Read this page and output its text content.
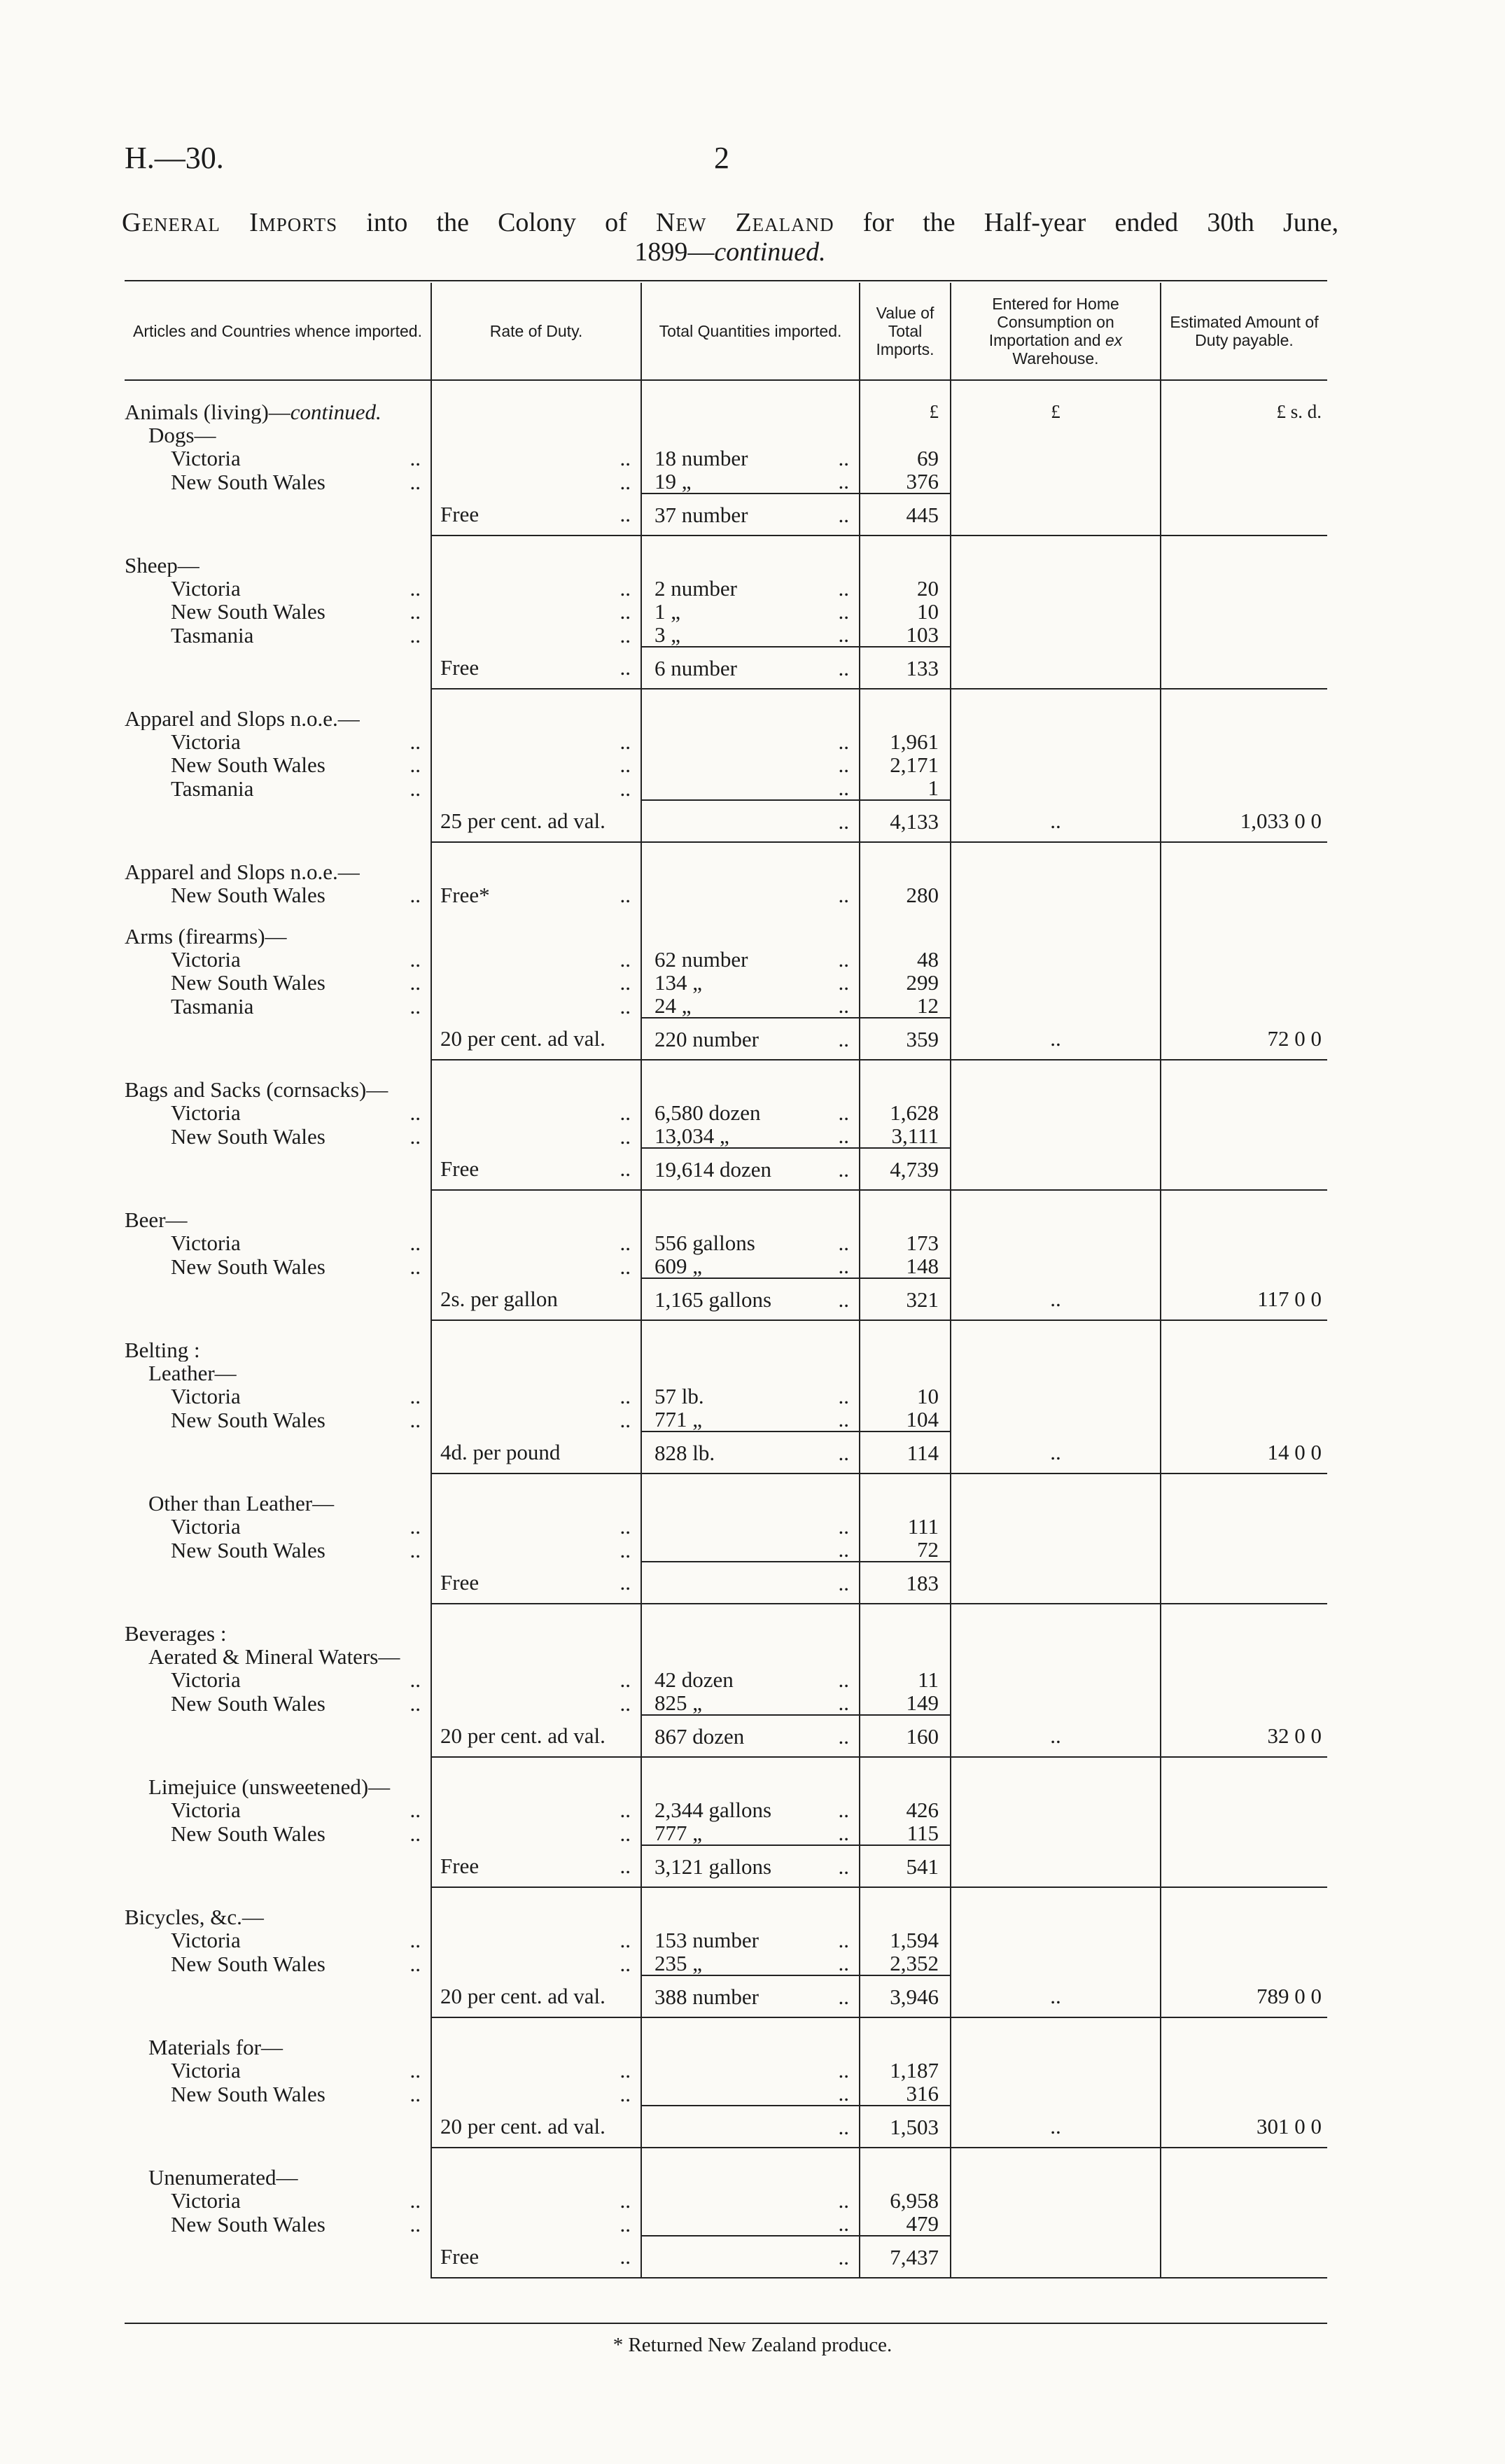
H.—30.	2
General Imports into the Colony of New Zealand for the Half-year ended 30th June,
1899—continued.
Articles and Countries whence imported.	Rate of Duty.	Total Quantities imported.	Value of Total Imports.	Entered for Home Consumption on Importation and ex Warehouse.	Estimated Amount of Duty payable.
Animals (living)—continued.			£	£	£ s. d.
Dogs—					
Victoria ..	..	18 number ..	69		
New South Wales ..	..	19 „ ..	376		
	Free ..	37 number ..	445		
Sheep—					
Victoria ..	..	2 number ..	20		
New South Wales ..	..	1 „ ..	10		
Tasmania ..	..	3 „ ..	103		
	Free ..	6 number ..	133		
Apparel and Slops n.o.e.—					
Victoria ..	..	..	1,961		
New South Wales ..	..	..	2,171		
Tasmania ..	..	..	1		
	25 per cent. ad val.	..	4,133	..	1,033 0 0
Apparel and Slops n.o.e.—					
New South Wales ..	Free* ..	..	280		
Arms (firearms)—					
Victoria ..	..	62 number ..	48		
New South Wales ..	..	134 „ ..	299		
Tasmania ..	..	24 „ ..	12		
	20 per cent. ad val.	220 number ..	359	..	72 0 0
Bags and Sacks (cornsacks)—					
Victoria ..	..	6,580 dozen ..	1,628		
New South Wales ..	..	13,034 „ ..	3,111		
	Free ..	19,614 dozen ..	4,739		
Beer—					
Victoria ..	..	556 gallons ..	173		
New South Wales ..	..	609 „ ..	148		
	2s. per gallon	1,165 gallons ..	321	..	117 0 0
Belting :					
Leather—					
Victoria ..	..	57 lb. ..	10		
New South Wales ..	..	771 „ ..	104		
	4d. per pound	828 lb. ..	114	..	14 0 0
Other than Leather—					
Victoria ..	..	..	111		
New South Wales ..	..	..	72		
	Free ..	..	183		
Beverages :					
Aerated & Mineral Waters—					
Victoria ..	..	42 dozen ..	11		
New South Wales ..	..	825 „ ..	149		
	20 per cent. ad val.	867 dozen ..	160	..	32 0 0
Limejuice (unsweetened)—					
Victoria ..	..	2,344 gallons ..	426		
New South Wales ..	..	777 „ ..	115		
	Free ..	3,121 gallons ..	541		
Bicycles, &c.—					
Victoria ..	..	153 number ..	1,594		
New South Wales ..	..	235 „ ..	2,352		
	20 per cent. ad val.	388 number ..	3,946	..	789 0 0
Materials for—					
Victoria ..	..	..	1,187		
New South Wales ..	..	..	316		
	20 per cent. ad val.	..	1,503	..	301 0 0
Unenumerated—					
Victoria ..	..	..	6,958		
New South Wales ..	..	..	479		
	Free ..	..	7,437		
* Returned New Zealand produce.
